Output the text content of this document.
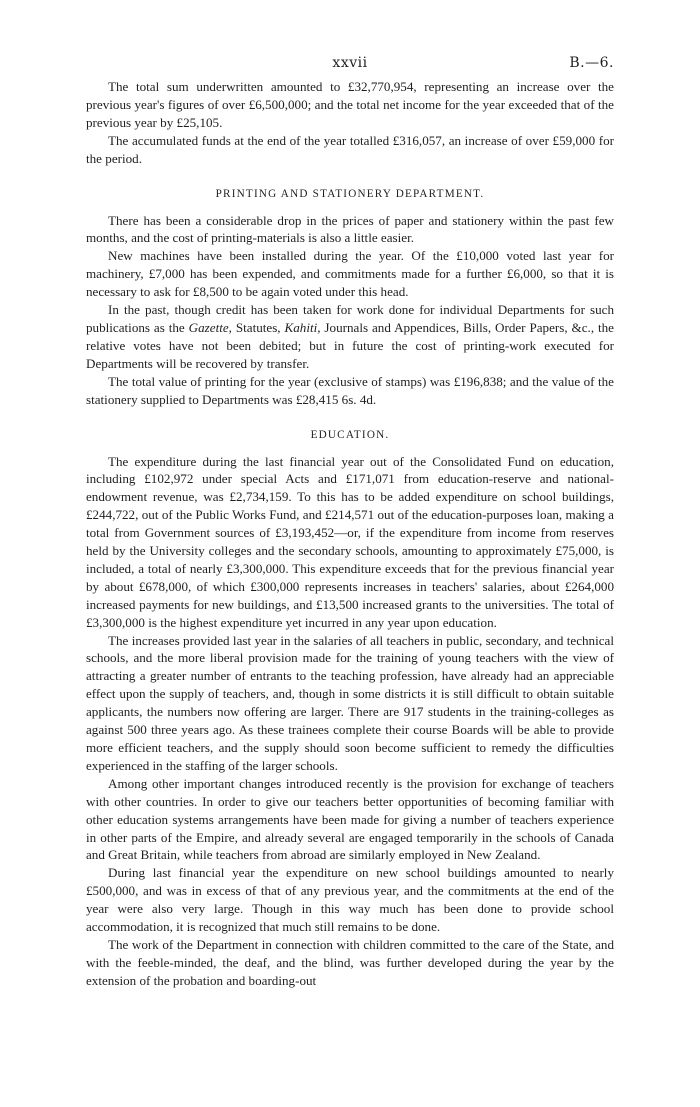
xxvii	B.—6.

The total sum underwritten amounted to £32,770,954, representing an increase over the previous year's figures of over £6,500,000; and the total net income for the year exceeded that of the previous year by £25,105.

The accumulated funds at the end of the year totalled £316,057, an increase of over £59,000 for the period.

PRINTING AND STATIONERY DEPARTMENT.

There has been a considerable drop in the prices of paper and stationery within the past few months, and the cost of printing-materials is also a little easier.

New machines have been installed during the year. Of the £10,000 voted last year for machinery, £7,000 has been expended, and commitments made for a further £6,000, so that it is necessary to ask for £8,500 to be again voted under this head.

In the past, though credit has been taken for work done for individual Departments for such publications as the Gazette, Statutes, Kahiti, Journals and Appendices, Bills, Order Papers, &c., the relative votes have not been debited; but in future the cost of printing-work executed for Departments will be recovered by transfer.

The total value of printing for the year (exclusive of stamps) was £196,838; and the value of the stationery supplied to Departments was £28,415 6s. 4d.

EDUCATION.

The expenditure during the last financial year out of the Consolidated Fund on education, including £102,972 under special Acts and £171,071 from education-reserve and national-endowment revenue, was £2,734,159. To this has to be added expenditure on school buildings, £244,722, out of the Public Works Fund, and £214,571 out of the education-purposes loan, making a total from Government sources of £3,193,452—or, if the expenditure from income from reserves held by the University colleges and the secondary schools, amounting to approximately £75,000, is included, a total of nearly £3,300,000. This expenditure exceeds that for the previous financial year by about £678,000, of which £300,000 represents increases in teachers' salaries, about £264,000 increased payments for new buildings, and £13,500 increased grants to the universities. The total of £3,300,000 is the highest expenditure yet incurred in any year upon education.

The increases provided last year in the salaries of all teachers in public, secondary, and technical schools, and the more liberal provision made for the training of young teachers with the view of attracting a greater number of entrants to the teaching profession, have already had an appreciable effect upon the supply of teachers, and, though in some districts it is still difficult to obtain suitable applicants, the numbers now offering are larger. There are 917 students in the training-colleges as against 500 three years ago. As these trainees complete their course Boards will be able to provide more efficient teachers, and the supply should soon become sufficient to remedy the difficulties experienced in the staffing of the larger schools.

Among other important changes introduced recently is the provision for exchange of teachers with other countries. In order to give our teachers better opportunities of becoming familiar with other education systems arrangements have been made for giving a number of teachers experience in other parts of the Empire, and already several are engaged temporarily in the schools of Canada and Great Britain, while teachers from abroad are similarly employed in New Zealand.

During last financial year the expenditure on new school buildings amounted to nearly £500,000, and was in excess of that of any previous year, and the commitments at the end of the year were also very large. Though in this way much has been done to provide school accommodation, it is recognized that much still remains to be done.

The work of the Department in connection with children committed to the care of the State, and with the feeble-minded, the deaf, and the blind, was further developed during the year by the extension of the probation and boarding-out
